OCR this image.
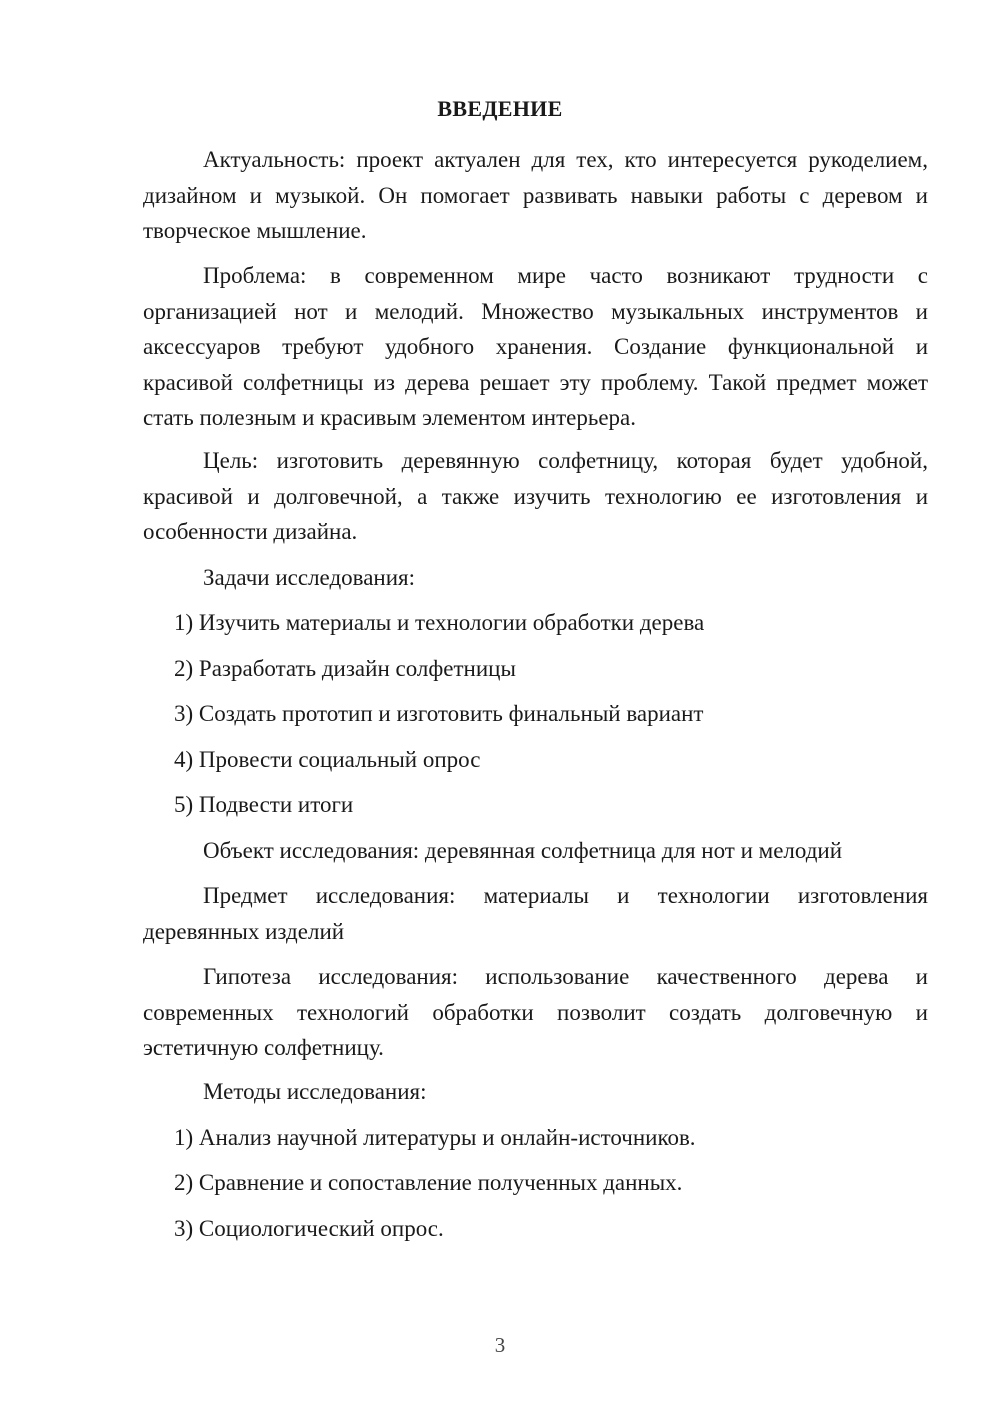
ВВЕДЕНИЕ

Актуальность: проект актуален для тех, кто интересуется рукоделием, дизайном и музыкой. Он помогает развивать навыки работы с деревом и творческое мышление.

Проблема: в современном мире часто возникают трудности с организацией нот и мелодий. Множество музыкальных инструментов и аксессуаров требуют удобного хранения. Создание функциональной и красивой солфетницы из дерева решает эту проблему. Такой предмет может стать полезным и красивым элементом интерьера.

Цель: изготовить деревянную солфетницу, которая будет удобной, красивой и долговечной, а также изучить технологию ее изготовления и особенности дизайна.

Задачи исследования:
1) Изучить материалы и технологии обработки дерева
2) Разработать дизайн солфетницы
3) Создать прототип и изготовить финальный вариант
4) Провести социальный опрос
5) Подвести итоги
Объект исследования: деревянная солфетница для нот и мелодий

Предмет исследования: материалы и технологии изготовления деревянных изделий

Гипотеза исследования: использование качественного дерева и современных технологий обработки позволит создать долговечную и эстетичную солфетницу.

Методы исследования:
1) Анализ научной литературы и онлайн-источников.
2) Сравнение и сопоставление полученных данных.
3) Социологический опрос.
3
